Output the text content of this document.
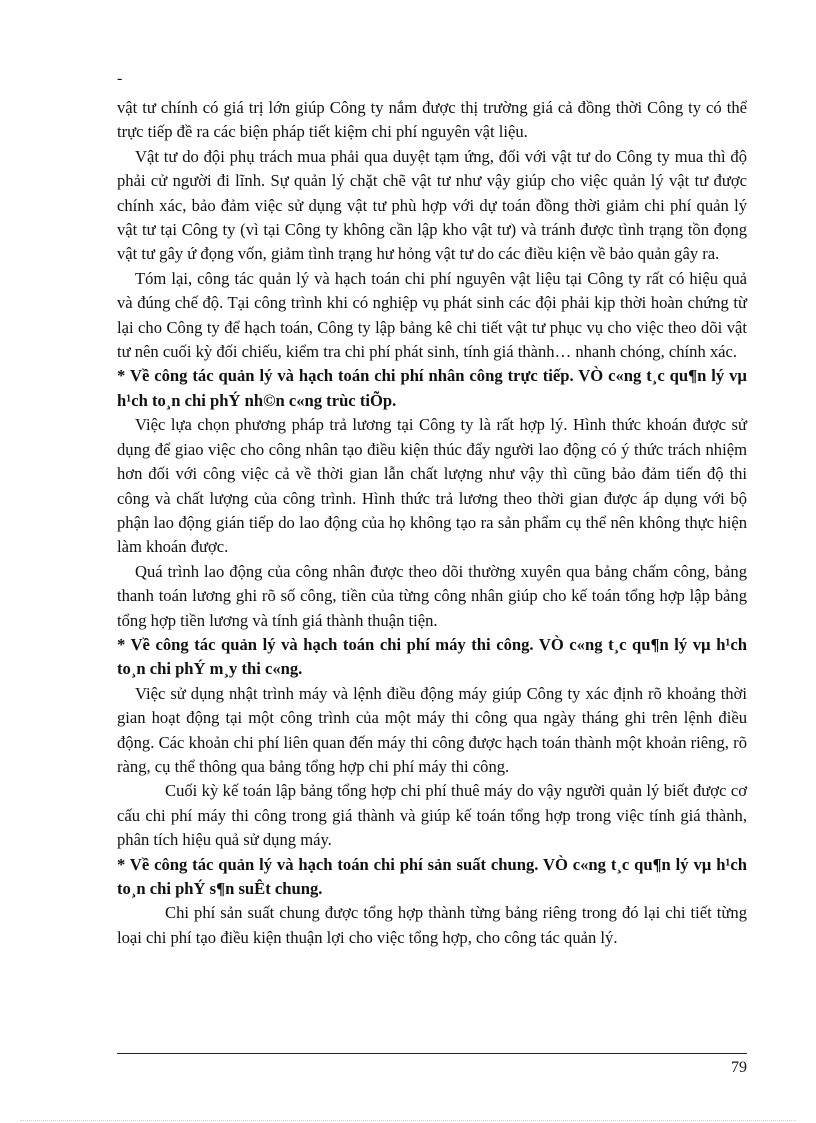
-

vật tư chính có giá trị lớn giúp Công ty nắm được thị trường giá cả đồng thời Công ty có thể trực tiếp đề ra các biện pháp tiết kiệm chi phí nguyên vật liệu.

Vật tư do đội phụ trách mua phải qua duyệt tạm ứng, đối với vật tư do Công ty mua thì độ phải cử người đi lĩnh. Sự quản lý chặt chẽ vật tư như vậy giúp cho việc quản lý vật tư được chính xác, bảo đảm việc sử dụng vật tư phù hợp với dự toán đồng thời giảm chi phí quản lý vật tư tại Công ty (vì tại Công ty không cần lập kho vật tư) và tránh được tình trạng tồn đọng vật tư gây ứ đọng vốn, giảm tình trạng hư hỏng vật tư do các điều kiện về bảo quản gây ra.

Tóm lại, công tác quản lý và hạch toán chi phí nguyên vật liệu tại Công ty rất có hiệu quả và đúng chế độ. Tại công trình khi có nghiệp vụ phát sinh các đội phải kịp thời hoàn chứng từ lại cho Công ty để hạch toán, Công ty lập bảng kê chi tiết vật tư phục vụ cho việc theo dõi vật tư nên cuối kỳ đối chiếu, kiểm tra chi phí phát sinh, tính giá thành… nhanh chóng, chính xác.

* Về công tác quản lý và hạch toán chi phí nhân công trực tiếp. VÒ c«ng t¸c qu¶n lý vµ h¹ch to¸n chi phÝ nh©n c«ng trùc tiÕp.

Việc lựa chọn phương pháp trả lương tại Công ty là rất hợp lý. Hình thức khoán được sử dụng để giao việc cho công nhân tạo điều kiện thúc đẩy người lao động có ý thức trách nhiệm hơn đối với công việc cả về thời gian lẫn chất lượng như vậy thì cũng bảo đảm tiến độ thi công và chất lượng của công trình. Hình thức trả lương theo thời gian được áp dụng với bộ phận lao động gián tiếp do lao động của họ không tạo ra sản phẩm cụ thể nên không thực hiện làm khoán được.

Quá trình lao động của công nhân được theo dõi thường xuyên qua bảng chấm công, bảng thanh toán lương ghi rõ số công, tiền của từng công nhân giúp cho kế toán tổng hợp lập bảng tổng hợp tiền lương và tính giá thành thuận tiện.

* Về công tác quản lý và hạch toán chi phí máy thi công. VÒ c«ng t¸c qu¶n lý vµ h¹ch to¸n chi phÝ m¸y thi c«ng.

Việc sử dụng nhật trình máy và lệnh điều động máy giúp Công ty xác định rõ khoảng thời gian hoạt động tại một công trình của một máy thi công qua ngày tháng ghi trên lệnh điều động. Các khoản chi phí liên quan đến máy thi công được hạch toán thành một khoản riêng, rõ ràng, cụ thể thông qua bảng tổng hợp chi phí máy thi công.

Cuối kỳ kế toán lập bảng tổng hợp chi phí thuê máy do vậy người quản lý biết được cơ cấu chi phí máy thi công trong giá thành và giúp kế toán tổng hợp trong việc tính giá thành, phân tích hiệu quả sử dụng máy.

* Về công tác quản lý và hạch toán chi phí sản suất chung. VÒ c«ng t¸c qu¶n lý vµ h¹ch to¸n chi phÝ s¶n suÊt chung.

Chi phí sản suất chung được tổng hợp thành từng bảng riêng trong đó lại chi tiết từng loại chi phí tạo điều kiện thuận lợi cho việc tổng hợp, cho công tác quản lý.

79
